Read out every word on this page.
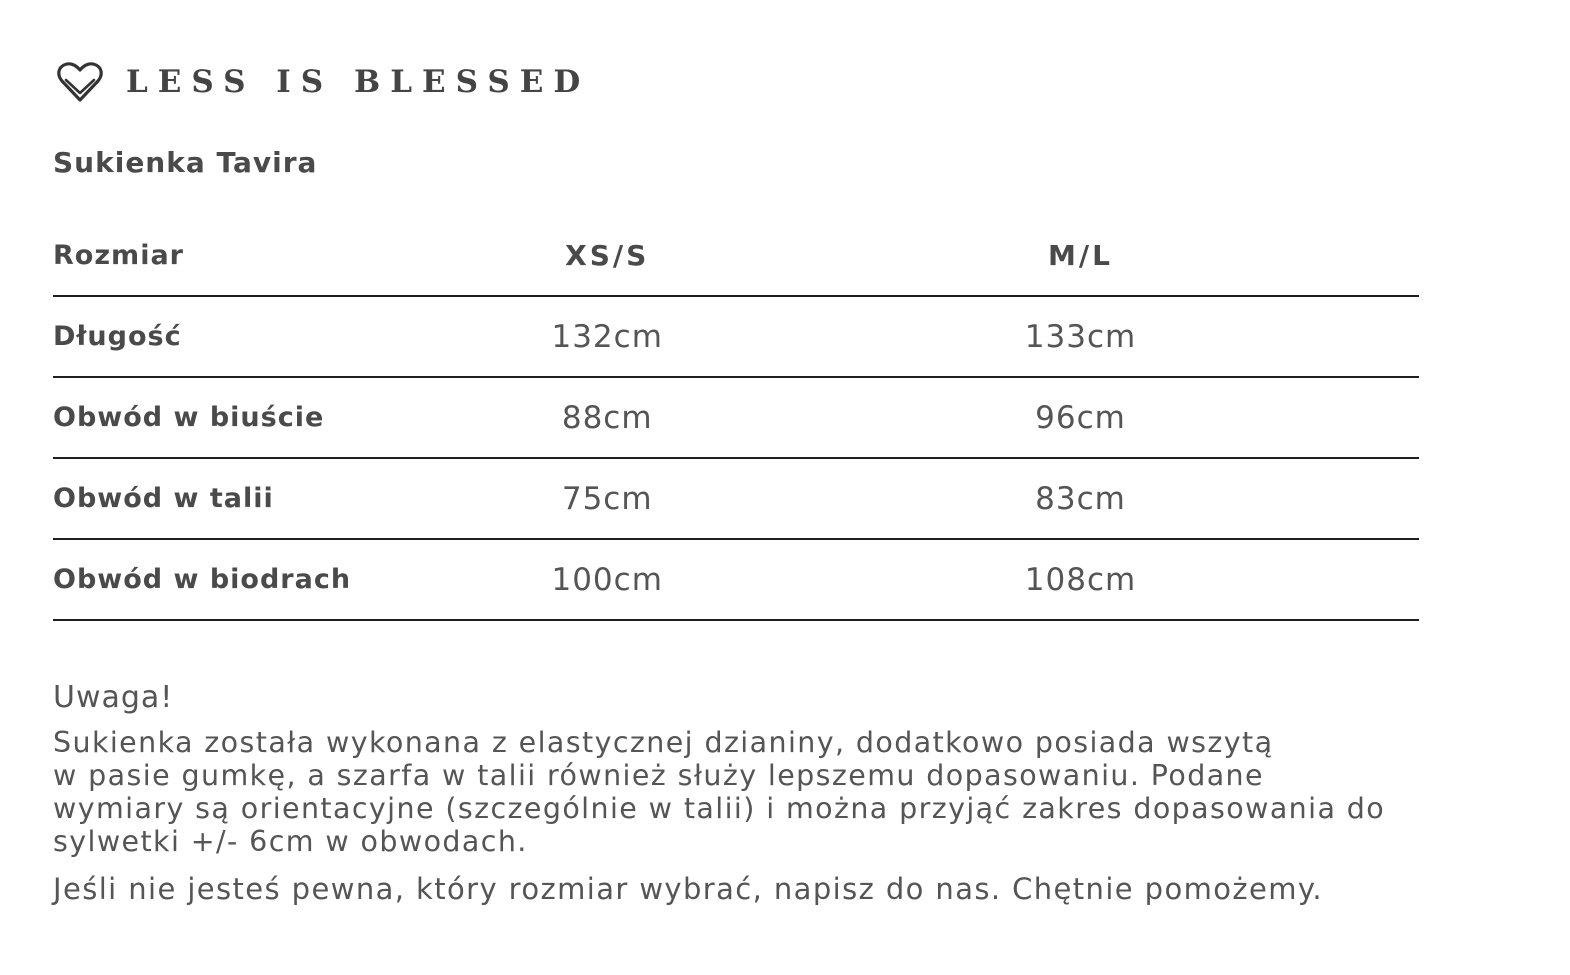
LESS IS BLESSED
Sukienka Tavira
Rozmiar	XS/S	M/L
Długość	132cm	133cm
Obwód w biuście	88cm	96cm
Obwód w talii	75cm	83cm
Obwód w biodrach	100cm	108cm
Uwaga!
Sukienka została wykonana z elastycznej dzianiny, dodatkowo posiada wszytą
w pasie gumkę, a szarfa w talii również służy lepszemu dopasowaniu. Podane
wymiary są orientacyjne (szczególnie w talii) i można przyjąć zakres dopasowania do
sylwetki +/- 6cm w obwodach.
Jeśli nie jesteś pewna, który rozmiar wybrać, napisz do nas. Chętnie pomożemy.
